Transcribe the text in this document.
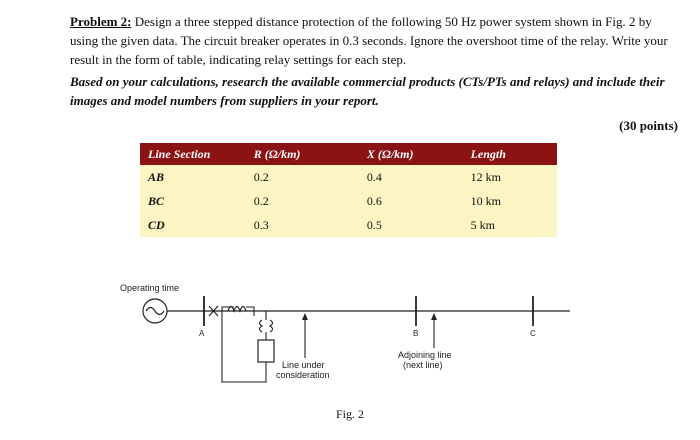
Problem 2: Design a three stepped distance protection of the following 50 Hz power system shown in Fig. 2 by using the given data. The circuit breaker operates in 0.3 seconds. Ignore the overshoot time of the relay. Write your result in the form of table, indicating relay settings for each step.

Based on your calculations, research the available commercial products (CTs/PTs and relays) and include their images and model numbers from suppliers in your report.

(30 points)
Line Section	R (Ω/km)	X (Ω/km)	Length
AB	0.2	0.4	12 km
BC	0.2	0.6	10 km
CD	0.3	0.5	5 km
Operating time
A
Line under
consideration
B
Adjoining line
(next line)
C
Fig. 2
